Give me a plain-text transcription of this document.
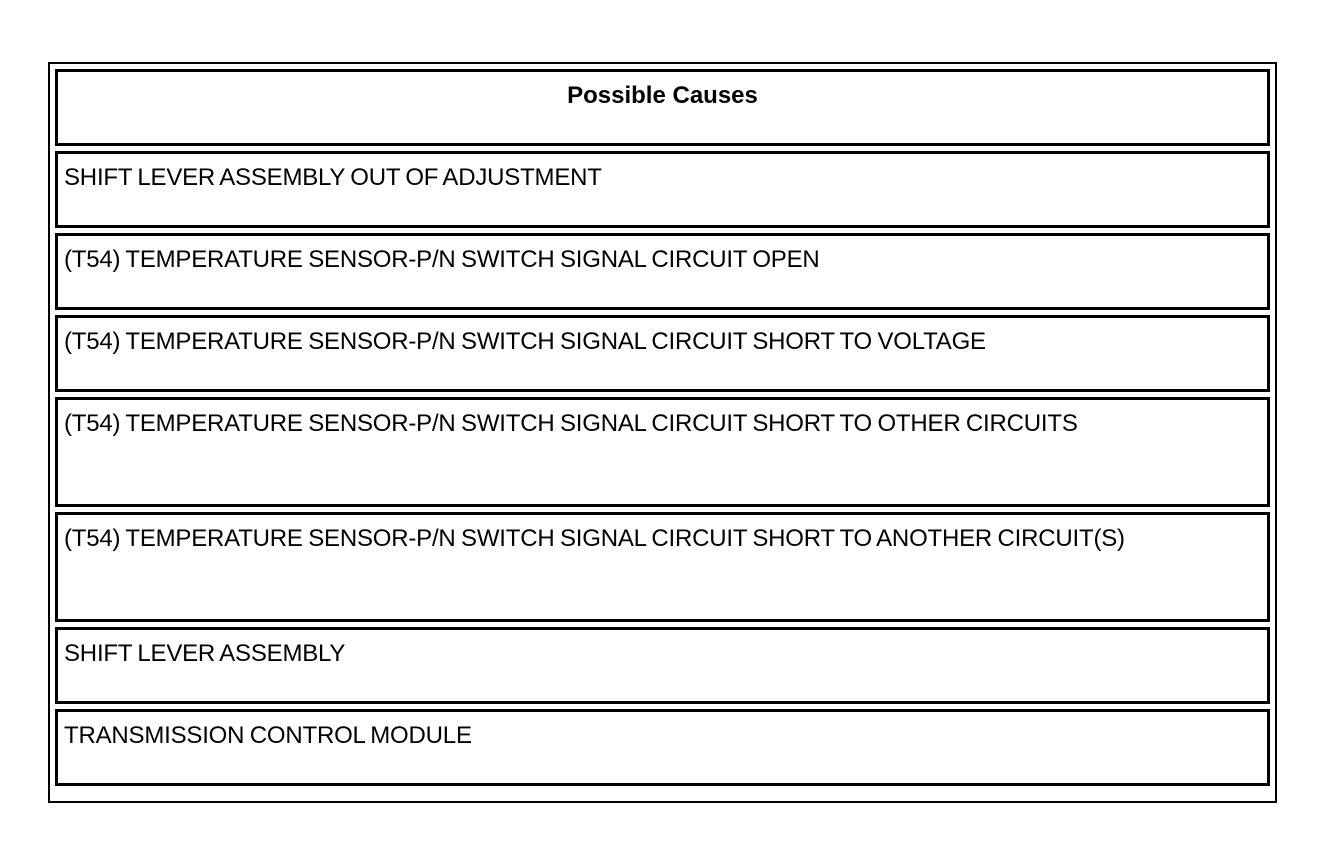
Possible Causes
SHIFT LEVER ASSEMBLY OUT OF ADJUSTMENT
(T54) TEMPERATURE SENSOR-P/N SWITCH SIGNAL CIRCUIT OPEN
(T54) TEMPERATURE SENSOR-P/N SWITCH SIGNAL CIRCUIT SHORT TO VOLTAGE
(T54) TEMPERATURE SENSOR-P/N SWITCH SIGNAL CIRCUIT SHORT TO OTHER CIRCUITS
(T54) TEMPERATURE SENSOR-P/N SWITCH SIGNAL CIRCUIT SHORT TO ANOTHER CIRCUIT(S)
SHIFT LEVER ASSEMBLY
TRANSMISSION CONTROL MODULE
